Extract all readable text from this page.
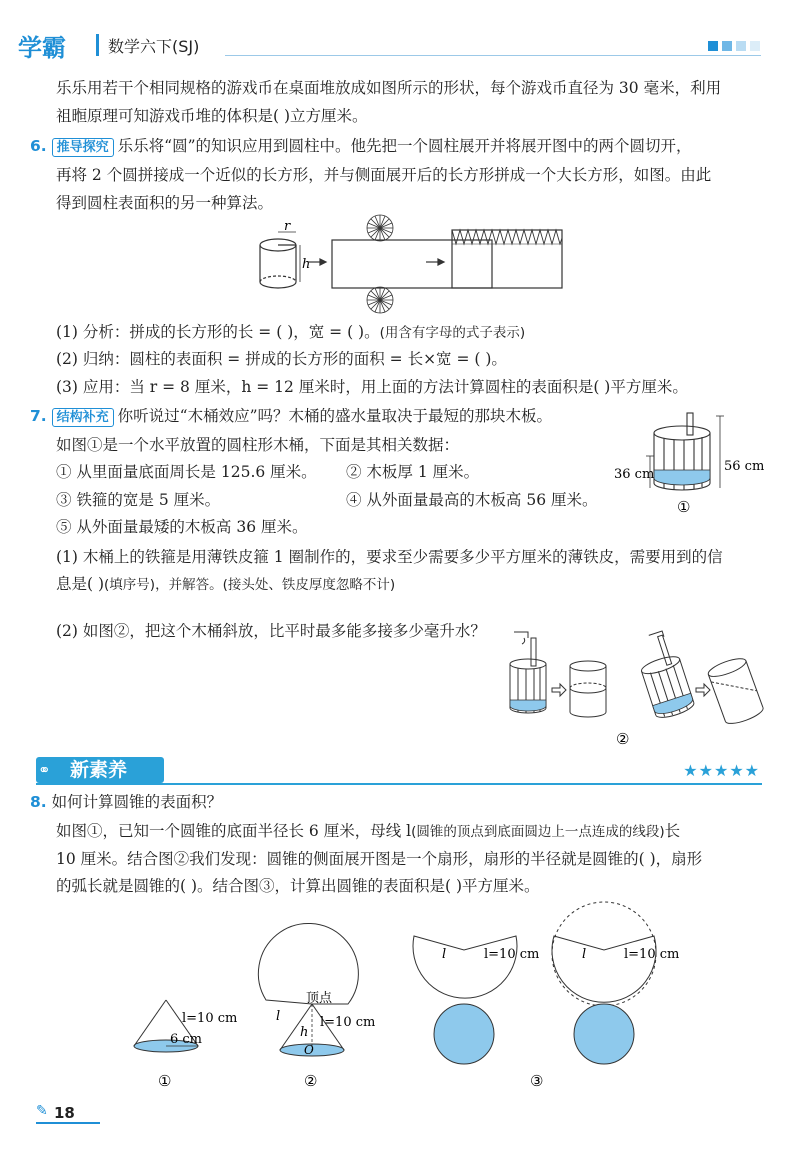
学霸	数学六下(SJ)
乐乐用若干个相同规格的游戏币在桌面堆放成如图所示的形状，每个游戏币直径为 30 毫米，利用
祖暅原理可知游戏币堆的体积是( )立方厘米。
6. 推导探究 乐乐将“圆”的知识应用到圆柱中。他先把一个圆柱展开并将展开图中的两个圆切开，
再将 2 个圆拼接成一个近似的长方形，并与侧面展开后的长方形拼成一个大长方形，如图。由此
得到圆柱表面积的另一种算法。
r
h
(1) 分析：拼成的长方形的长 = ( )，宽 = ( )。(用含有字母的式子表示)
(2) 归纳：圆柱的表面积 = 拼成的长方形的面积 = 长×宽 = ( )。
(3) 应用：当 r = 8 厘米，h = 12 厘米时，用上面的方法计算圆柱的表面积是( )平方厘米。
7. 结构补充 你听说过“木桶效应”吗？木桶的盛水量取决于最短的那块木板。
如图①是一个水平放置的圆柱形木桶，下面是其相关数据：
① 从里面量底面周长是 125.6 厘米。 ② 木板厚 1 厘米。
③ 铁箍的宽是 5 厘米。	④ 从外面量最高的木板高 56 厘米。
⑤ 从外面量最矮的木板高 36 厘米。
36 cm
56 cm
①
(1) 木桶上的铁箍是用薄铁皮箍 1 圈制作的，要求至少需要多少平方厘米的薄铁皮，需要用到的信
息是( )(填序号)，并解答。(接头处、铁皮厚度忽略不计)
(2) 如图②，把这个木桶斜放，比平时最多能多接多少毫升水？
②
⚭	新素养	★★★★★
8. 如何计算圆锥的表面积？
如图①，已知一个圆锥的底面半径长 6 厘米，母线 l(圆锥的顶点到底面圆边上一点连成的线段)长
10 厘米。结合图②我们发现：圆锥的侧面展开图是一个扇形，扇形的半径就是圆锥的( )，扇形
的弧长就是圆锥的( )。结合图③，计算出圆锥的表面积是( )平方厘米。
l=10 cm
6 cm
①
顶点
l	l=10 cm
h
O
②
l	l=10 cm	l	l=10 cm
③
✎ 18
